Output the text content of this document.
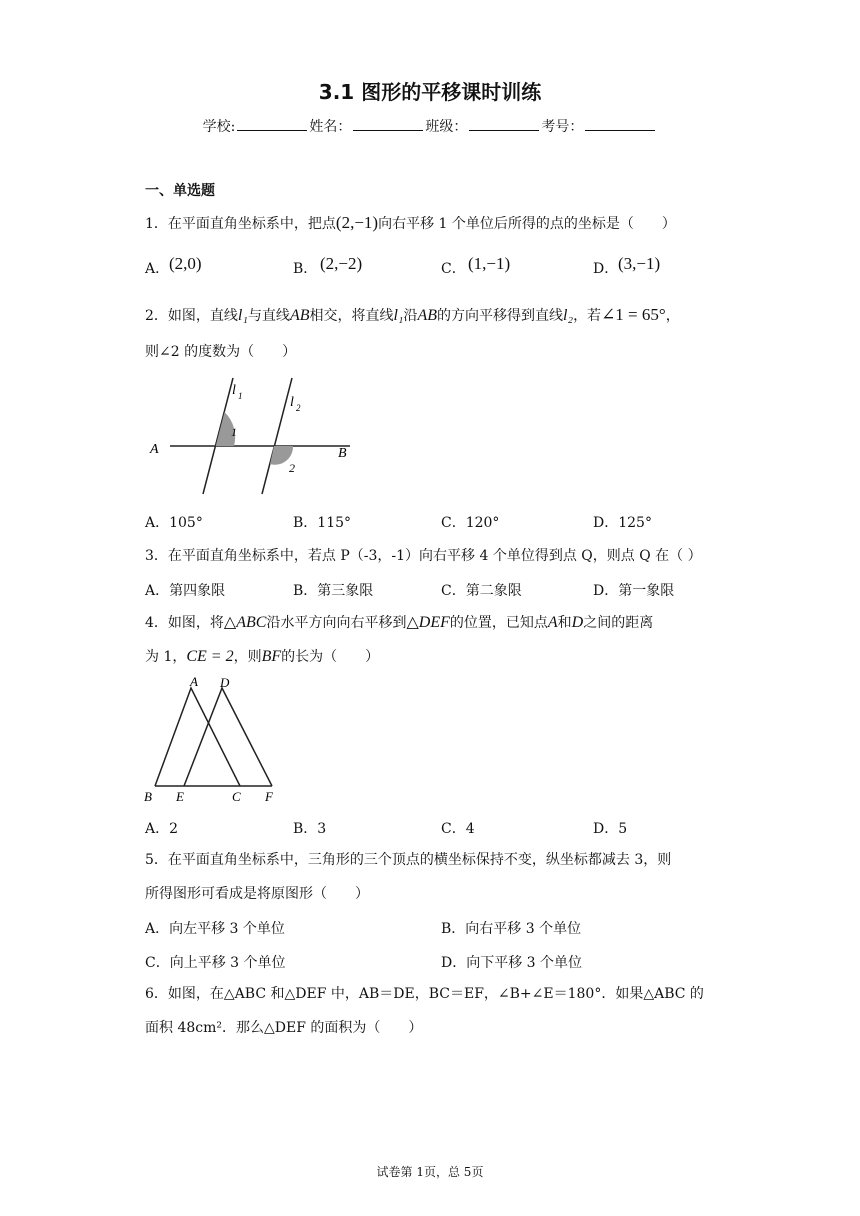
3.1 图形的平移课时训练
学校:	姓名：	班级：	考号：
一、单选题
1．在平面直角坐标系中，把点(2,−1)向右平移 1 个单位后所得的点的坐标是（　　）
A． (2,0)	B． (2,−2)	C． (1,−1)	D． (3,−1)
2．如图，直线l₁与直线AB相交，将直线l₁沿AB的方向平移得到直线l₂，若∠1 = 65°，
则∠2 的度数为（　　）
A	B
l 1	l 2
1
2
A．105°	B．115°	C．120°	D．125°
3．在平面直角坐标系中，若点 P（-3，-1）向右平移 4 个单位得到点 Q，则点 Q 在（ ）
A．第四象限	B．第三象限	C．第二象限	D．第一象限
4．如图，将△ABC沿水平方向向右平移到△DEF的位置，已知点A和D之间的距离
为 1，CE = 2，则BF的长为（　　）
A D
B E	C F
A．2	B．3	C．4	D．5
5．在平面直角坐标系中，三角形的三个顶点的横坐标保持不变，纵坐标都减去 3，则
所得图形可看成是将原图形（　　）
A．向左平移 3 个单位	B．向右平移 3 个单位
C．向上平移 3 个单位	D．向下平移 3 个单位
6．如图，在△ABC 和△DEF 中，AB＝DE，BC＝EF，∠B+∠E＝180°．如果△ABC 的
面积 48cm²．那么△DEF 的面积为（　　）
试卷第 1页，总 5页
